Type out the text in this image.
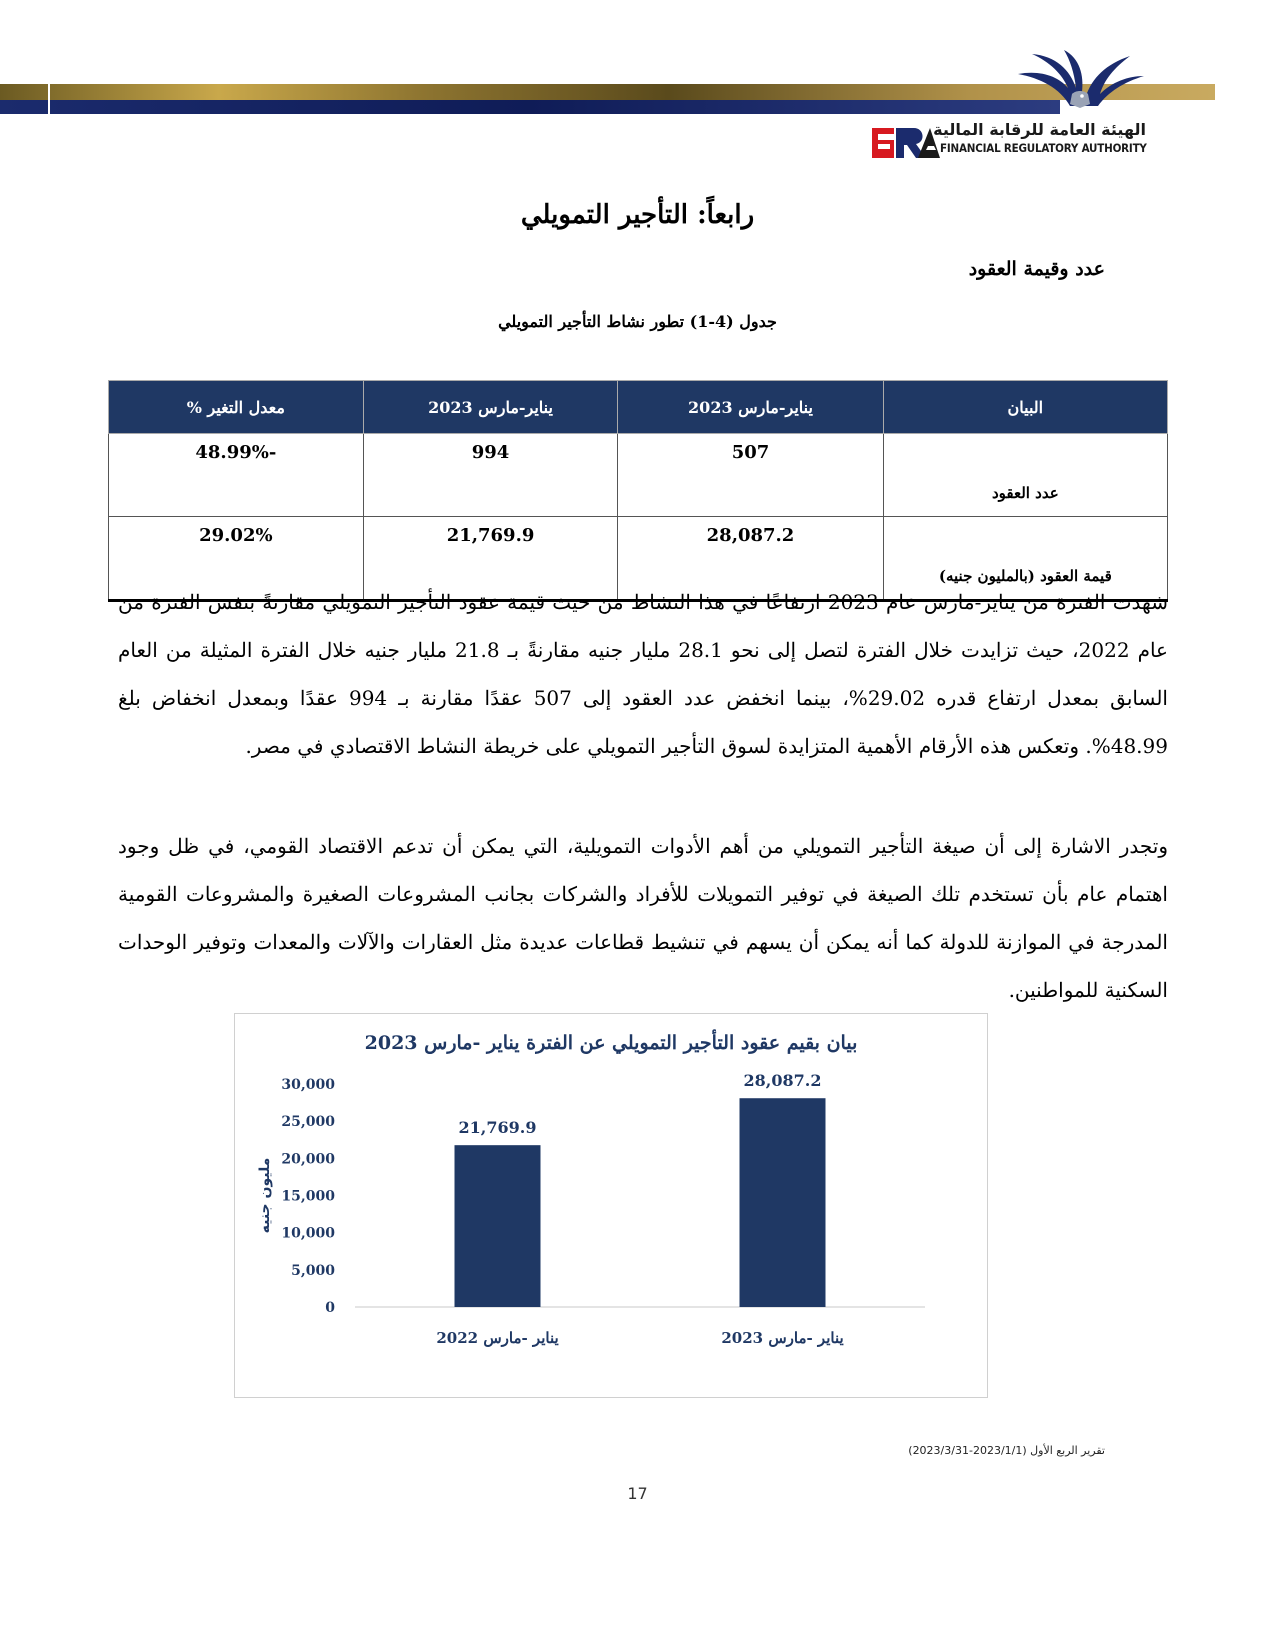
الهيئة العامة للرقابة المالية
FINANCIAL REGULATORY AUTHORITY
رابعاً: التأجير التمويلي
عدد وقيمة العقود
جدول (4-1) تطور نشاط التأجير التمويلي
البيان	يناير-مارس 2023	يناير-مارس 2023	معدل التغير %
عدد العقود	507	994	-48.99%
قيمة العقود (بالمليون جنيه)	28,087.2	21,769.9	29.02%

شهدت الفترة من يناير-مارس عام 2023 ارتفاعًا في هذا النشاط من حيث قيمة عقود التأجير التمويلي مقارنةً بنفس الفترة من عام 2022، حيث تزايدت خلال الفترة لتصل إلى نحو 28.1 مليار جنيه مقارنةً بـ 21.8 مليار جنيه خلال الفترة المثيلة من العام السابق بمعدل ارتفاع قدره 29.02%، بينما انخفض عدد العقود إلى 507 عقدًا مقارنة بـ 994 عقدًا وبمعدل انخفاض بلغ 48.99%. وتعكس هذه الأرقام الأهمية المتزايدة لسوق التأجير التمويلي على خريطة النشاط الاقتصادي في مصر.

وتجدر الاشارة إلى أن صيغة التأجير التمويلي من أهم الأدوات التمويلية، التي يمكن أن تدعم الاقتصاد القومي، في ظل وجود اهتمام عام بأن تستخدم تلك الصيغة في توفير التمويلات للأفراد والشركات بجانب المشروعات الصغيرة والمشروعات القومية المدرجة في الموازنة للدولة كما أنه يمكن أن يسهم في تنشيط قطاعات عديدة مثل العقارات والآلات والمعدات وتوفير الوحدات السكنية للمواطنين.

بيان بقيم عقود التأجير التمويلي عن الفترة يناير -مارس 2023
0
5,000
10,000
15,000
20,000
25,000
30,000
مليون جنيه
21,769.9
يناير -مارس 2022
28,087.2
يناير -مارس 2023
تقرير الربع الأول (2023/1/1-2023/3/31)
17
